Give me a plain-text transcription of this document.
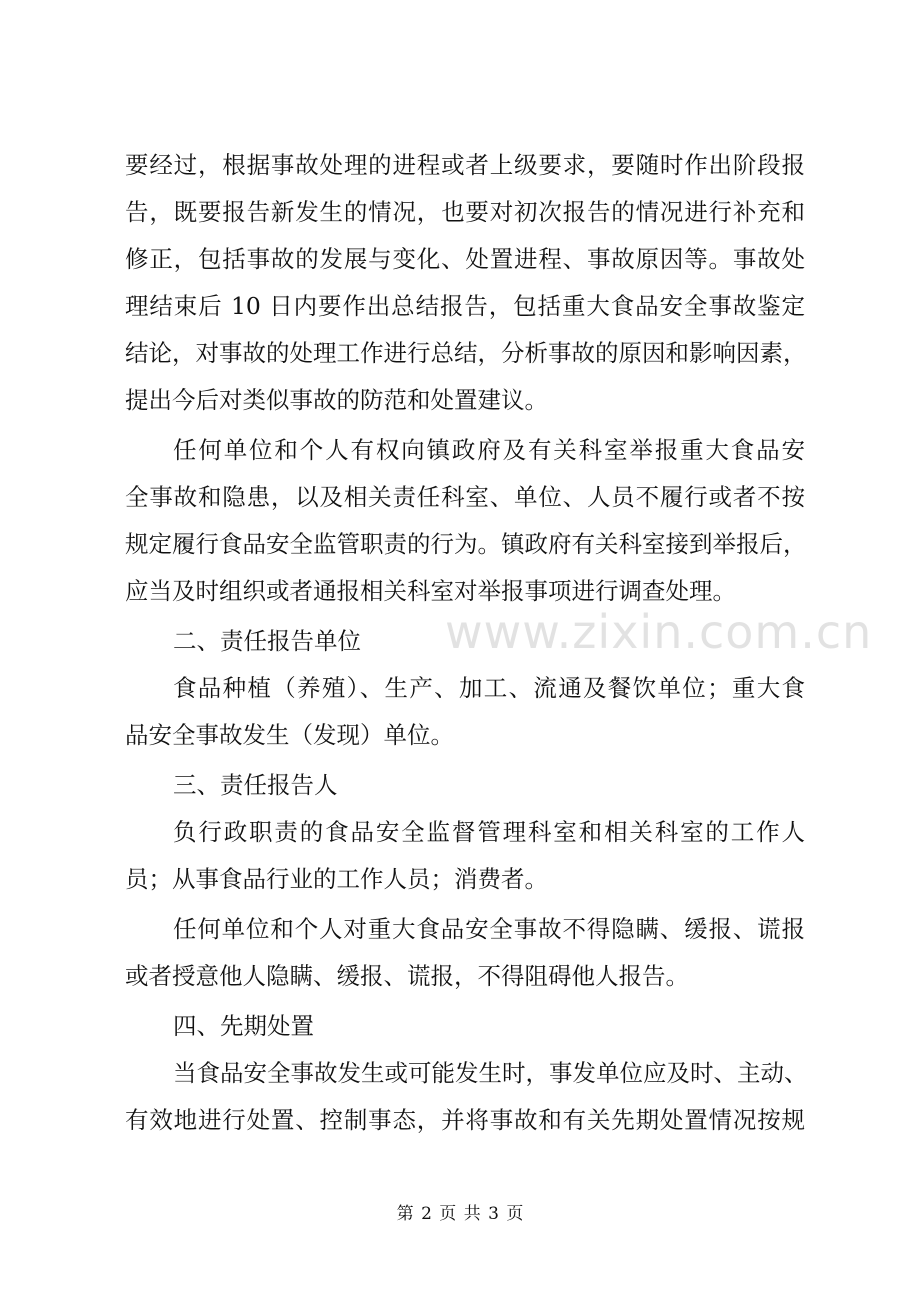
要经过，根据事故处理的进程或者上级要求，要随时作出阶段报
告，既要报告新发生的情况，也要对初次报告的情况进行补充和
修正，包括事故的发展与变化、处置进程、事故原因等。事故处
理结束后 10 日内要作出总结报告，包括重大食品安全事故鉴定
结论，对事故的处理工作进行总结，分析事故的原因和影响因素，
提出今后对类似事故的防范和处置建议。
任何单位和个人有权向镇政府及有关科室举报重大食品安
全事故和隐患，以及相关责任科室、单位、人员不履行或者不按
规定履行食品安全监管职责的行为。镇政府有关科室接到举报后，
应当及时组织或者通报相关科室对举报事项进行调查处理。
二、责任报告单位
食品种植（养殖）、生产、加工、流通及餐饮单位；重大食
品安全事故发生（发现）单位。
三、责任报告人
负行政职责的食品安全监督管理科室和相关科室的工作人
员；从事食品行业的工作人员；消费者。
任何单位和个人对重大食品安全事故不得隐瞒、缓报、谎报
或者授意他人隐瞒、缓报、谎报，不得阻碍他人报告。
四、先期处置
当食品安全事故发生或可能发生时，事发单位应及时、主动、
有效地进行处置、控制事态，并将事故和有关先期处置情况按规
www.zixin.com.cn
第 2 页 共 3 页
